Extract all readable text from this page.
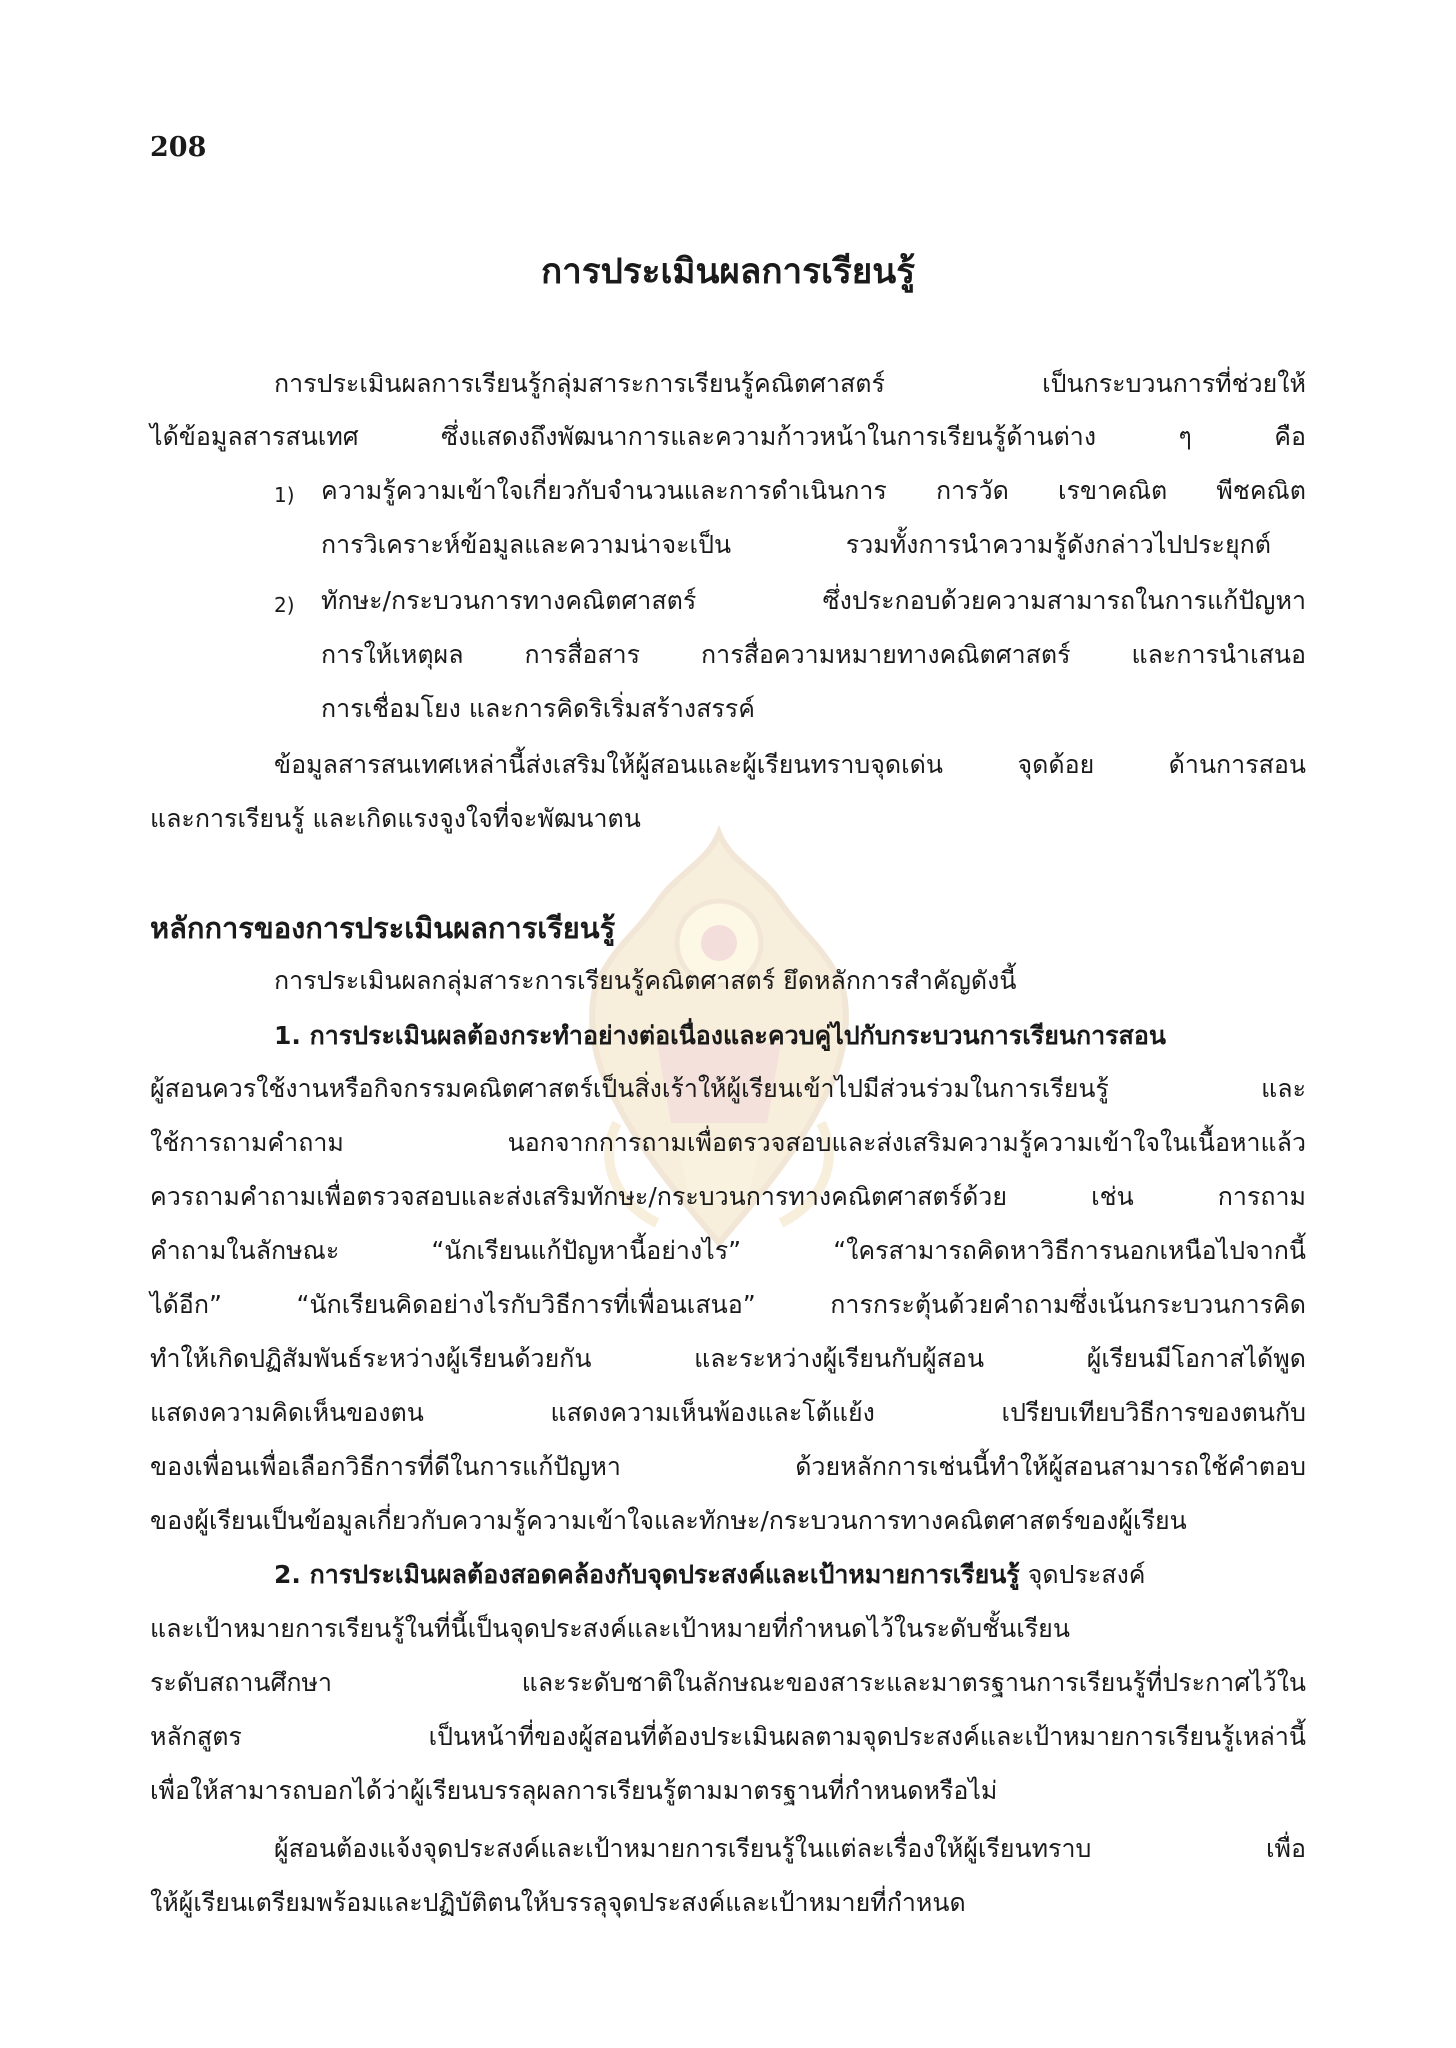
208
การประเมินผลการเรียนรู้
การประเมินผลการเรียนรู้กลุ่มสาระการเรียนรู้คณิตศาสตร์ เป็นกระบวนการที่ช่วยให้
ได้ข้อมูลสารสนเทศ ซึ่งแสดงถึงพัฒนาการและความก้าวหน้าในการเรียนรู้ด้านต่าง ๆ คือ
1)	ความรู้ความเข้าใจเกี่ยวกับจำนวนและการดำเนินการ การวัด เรขาคณิต พีชคณิต
การวิเคราะห์ข้อมูลและความน่าจะเป็น รวมทั้งการนำความรู้ดังกล่าวไปประยุกต์
2)	ทักษะ/กระบวนการทางคณิตศาสตร์ ซึ่งประกอบด้วยความสามารถในการแก้ปัญหา
การให้เหตุผล การสื่อสาร การสื่อความหมายทางคณิตศาสตร์ และการนำเสนอ
การเชื่อมโยง และการคิดริเริ่มสร้างสรรค์
ข้อมูลสารสนเทศเหล่านี้ส่งเสริมให้ผู้สอนและผู้เรียนทราบจุดเด่น จุดด้อย ด้านการสอน
และการเรียนรู้ และเกิดแรงจูงใจที่จะพัฒนาตน
หลักการของการประเมินผลการเรียนรู้
การประเมินผลกลุ่มสาระการเรียนรู้คณิตศาสตร์ ยึดหลักการสำคัญดังนี้
1. การประเมินผลต้องกระทำอย่างต่อเนื่องและควบคู่ไปกับกระบวนการเรียนการสอน
ผู้สอนควรใช้งานหรือกิจกรรมคณิตศาสตร์เป็นสิ่งเร้าให้ผู้เรียนเข้าไปมีส่วนร่วมในการเรียนรู้ และ
ใช้การถามคำถาม นอกจากการถามเพื่อตรวจสอบและส่งเสริมความรู้ความเข้าใจในเนื้อหาแล้ว
ควรถามคำถามเพื่อตรวจสอบและส่งเสริมทักษะ/กระบวนการทางคณิตศาสตร์ด้วย เช่น การถาม
คำถามในลักษณะ “นักเรียนแก้ปัญหานี้อย่างไร” “ใครสามารถคิดหาวิธีการนอกเหนือไปจากนี้
ได้อีก” “นักเรียนคิดอย่างไรกับวิธีการที่เพื่อนเสนอ” การกระตุ้นด้วยคำถามซึ่งเน้นกระบวนการคิด
ทำให้เกิดปฏิสัมพันธ์ระหว่างผู้เรียนด้วยกัน และระหว่างผู้เรียนกับผู้สอน ผู้เรียนมีโอกาสได้พูด
แสดงความคิดเห็นของตน แสดงความเห็นพ้องและโต้แย้ง เปรียบเทียบวิธีการของตนกับ
ของเพื่อนเพื่อเลือกวิธีการที่ดีในการแก้ปัญหา ด้วยหลักการเช่นนี้ทำให้ผู้สอนสามารถใช้คำตอบ
ของผู้เรียนเป็นข้อมูลเกี่ยวกับความรู้ความเข้าใจและทักษะ/กระบวนการทางคณิตศาสตร์ของผู้เรียน
2. การประเมินผลต้องสอดคล้องกับจุดประสงค์และเป้าหมายการเรียนรู้ จุดประสงค์
และเป้าหมายการเรียนรู้ในที่นี้เป็นจุดประสงค์และเป้าหมายที่กำหนดไว้ในระดับชั้นเรียน
ระดับสถานศึกษา และระดับชาติในลักษณะของสาระและมาตรฐานการเรียนรู้ที่ประกาศไว้ใน
หลักสูตร เป็นหน้าที่ของผู้สอนที่ต้องประเมินผลตามจุดประสงค์และเป้าหมายการเรียนรู้เหล่านี้
เพื่อให้สามารถบอกได้ว่าผู้เรียนบรรลุผลการเรียนรู้ตามมาตรฐานที่กำหนดหรือไม่
ผู้สอนต้องแจ้งจุดประสงค์และเป้าหมายการเรียนรู้ในแต่ละเรื่องให้ผู้เรียนทราบ เพื่อ
ให้ผู้เรียนเตรียมพร้อมและปฏิบัติตนให้บรรลุจุดประสงค์และเป้าหมายที่กำหนด
